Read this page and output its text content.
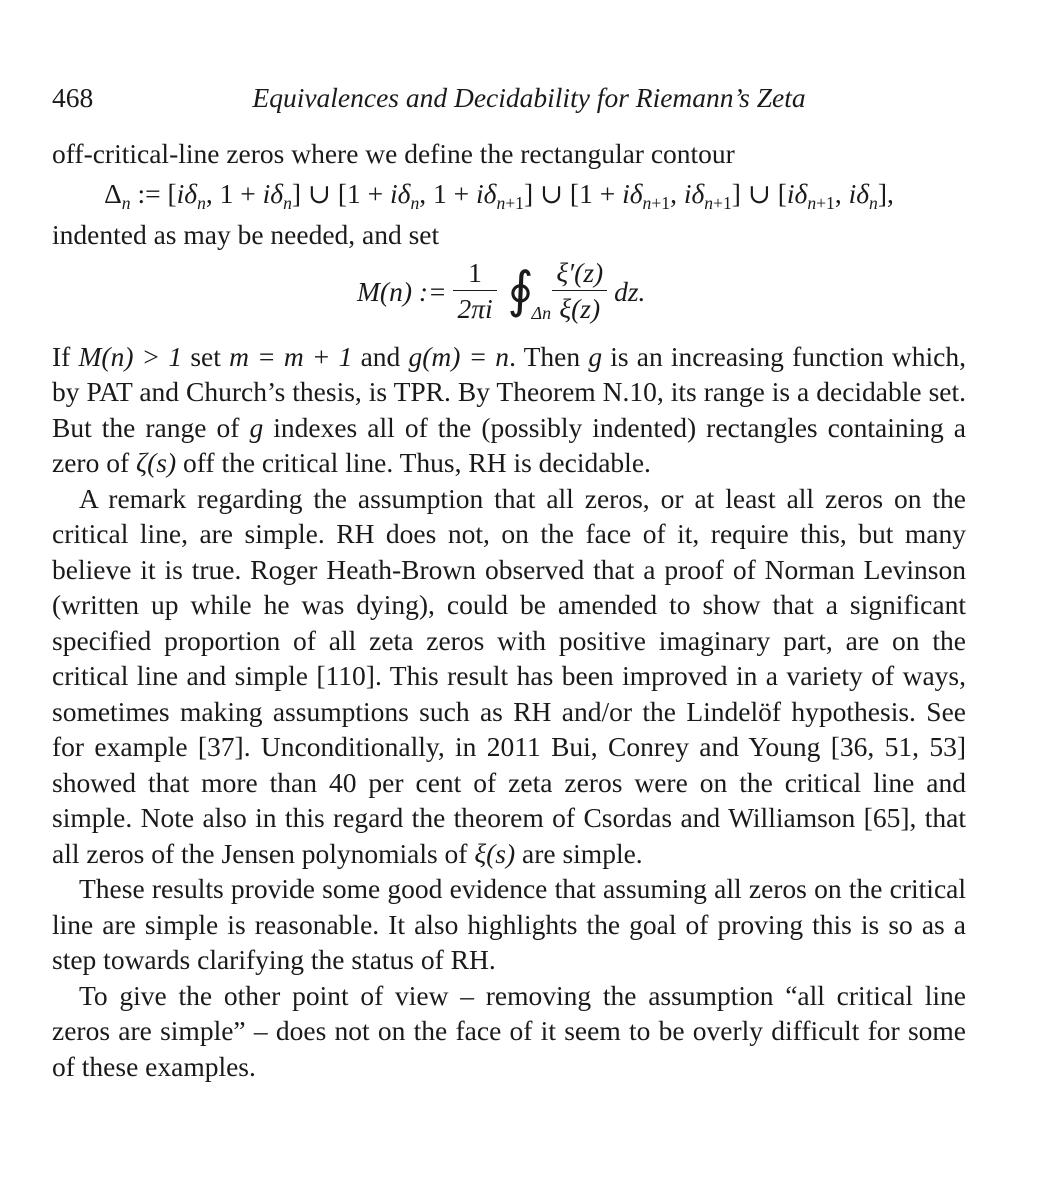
468	Equivalences and Decidability for Riemann’s Zeta

off-critical-line zeros where we define the rectangular contour

$\Delta_n$ := [$i\delta_n$, $1 + i\delta_n$] ∪ [$1 + i\delta_n$, $1 + i\delta_{n+1}$] ∪ [$1 + i\delta_{n+1}$, $i\delta_{n+1}$] ∪ [$i\delta_{n+1}$, $i\delta_n$],

indented as may be needed, and set

M(n) := $\frac{1}{2\pi i}$
∮
Δn
$\frac{\xi'(z)}{\xi(z)}$ dz.

If M(n) > 1 set m = m + 1 and g(m) = n. Then g is an increasing function which, by PAT and Church’s thesis, is TPR. By Theorem N.10, its range is a decidable set. But the range of g indexes all of the (possibly indented) rectangles containing a zero of ζ(s) off the critical line. Thus, RH is decidable.

A remark regarding the assumption that all zeros, or at least all zeros on the critical line, are simple. RH does not, on the face of it, require this, but many believe it is true. Roger Heath-Brown observed that a proof of Norman Levinson (written up while he was dying), could be amended to show that a significant specified proportion of all zeta zeros with positive imaginary part, are on the critical line and simple [110]. This result has been improved in a variety of ways, sometimes making assumptions such as RH and/or the Lindelöf hypothesis. See for example [37]. Unconditionally, in 2011 Bui, Conrey and Young [36, 51, 53] showed that more than 40 per cent of zeta zeros were on the critical line and simple. Note also in this regard the theorem of Csordas and Williamson [65], that all zeros of the Jensen polynomials of ξ(s) are simple.

These results provide some good evidence that assuming all zeros on the critical line are simple is reasonable. It also highlights the goal of proving this is so as a step towards clarifying the status of RH.

To give the other point of view – removing the assumption “all critical line zeros are simple” – does not on the face of it seem to be overly difficult for some of these examples.
